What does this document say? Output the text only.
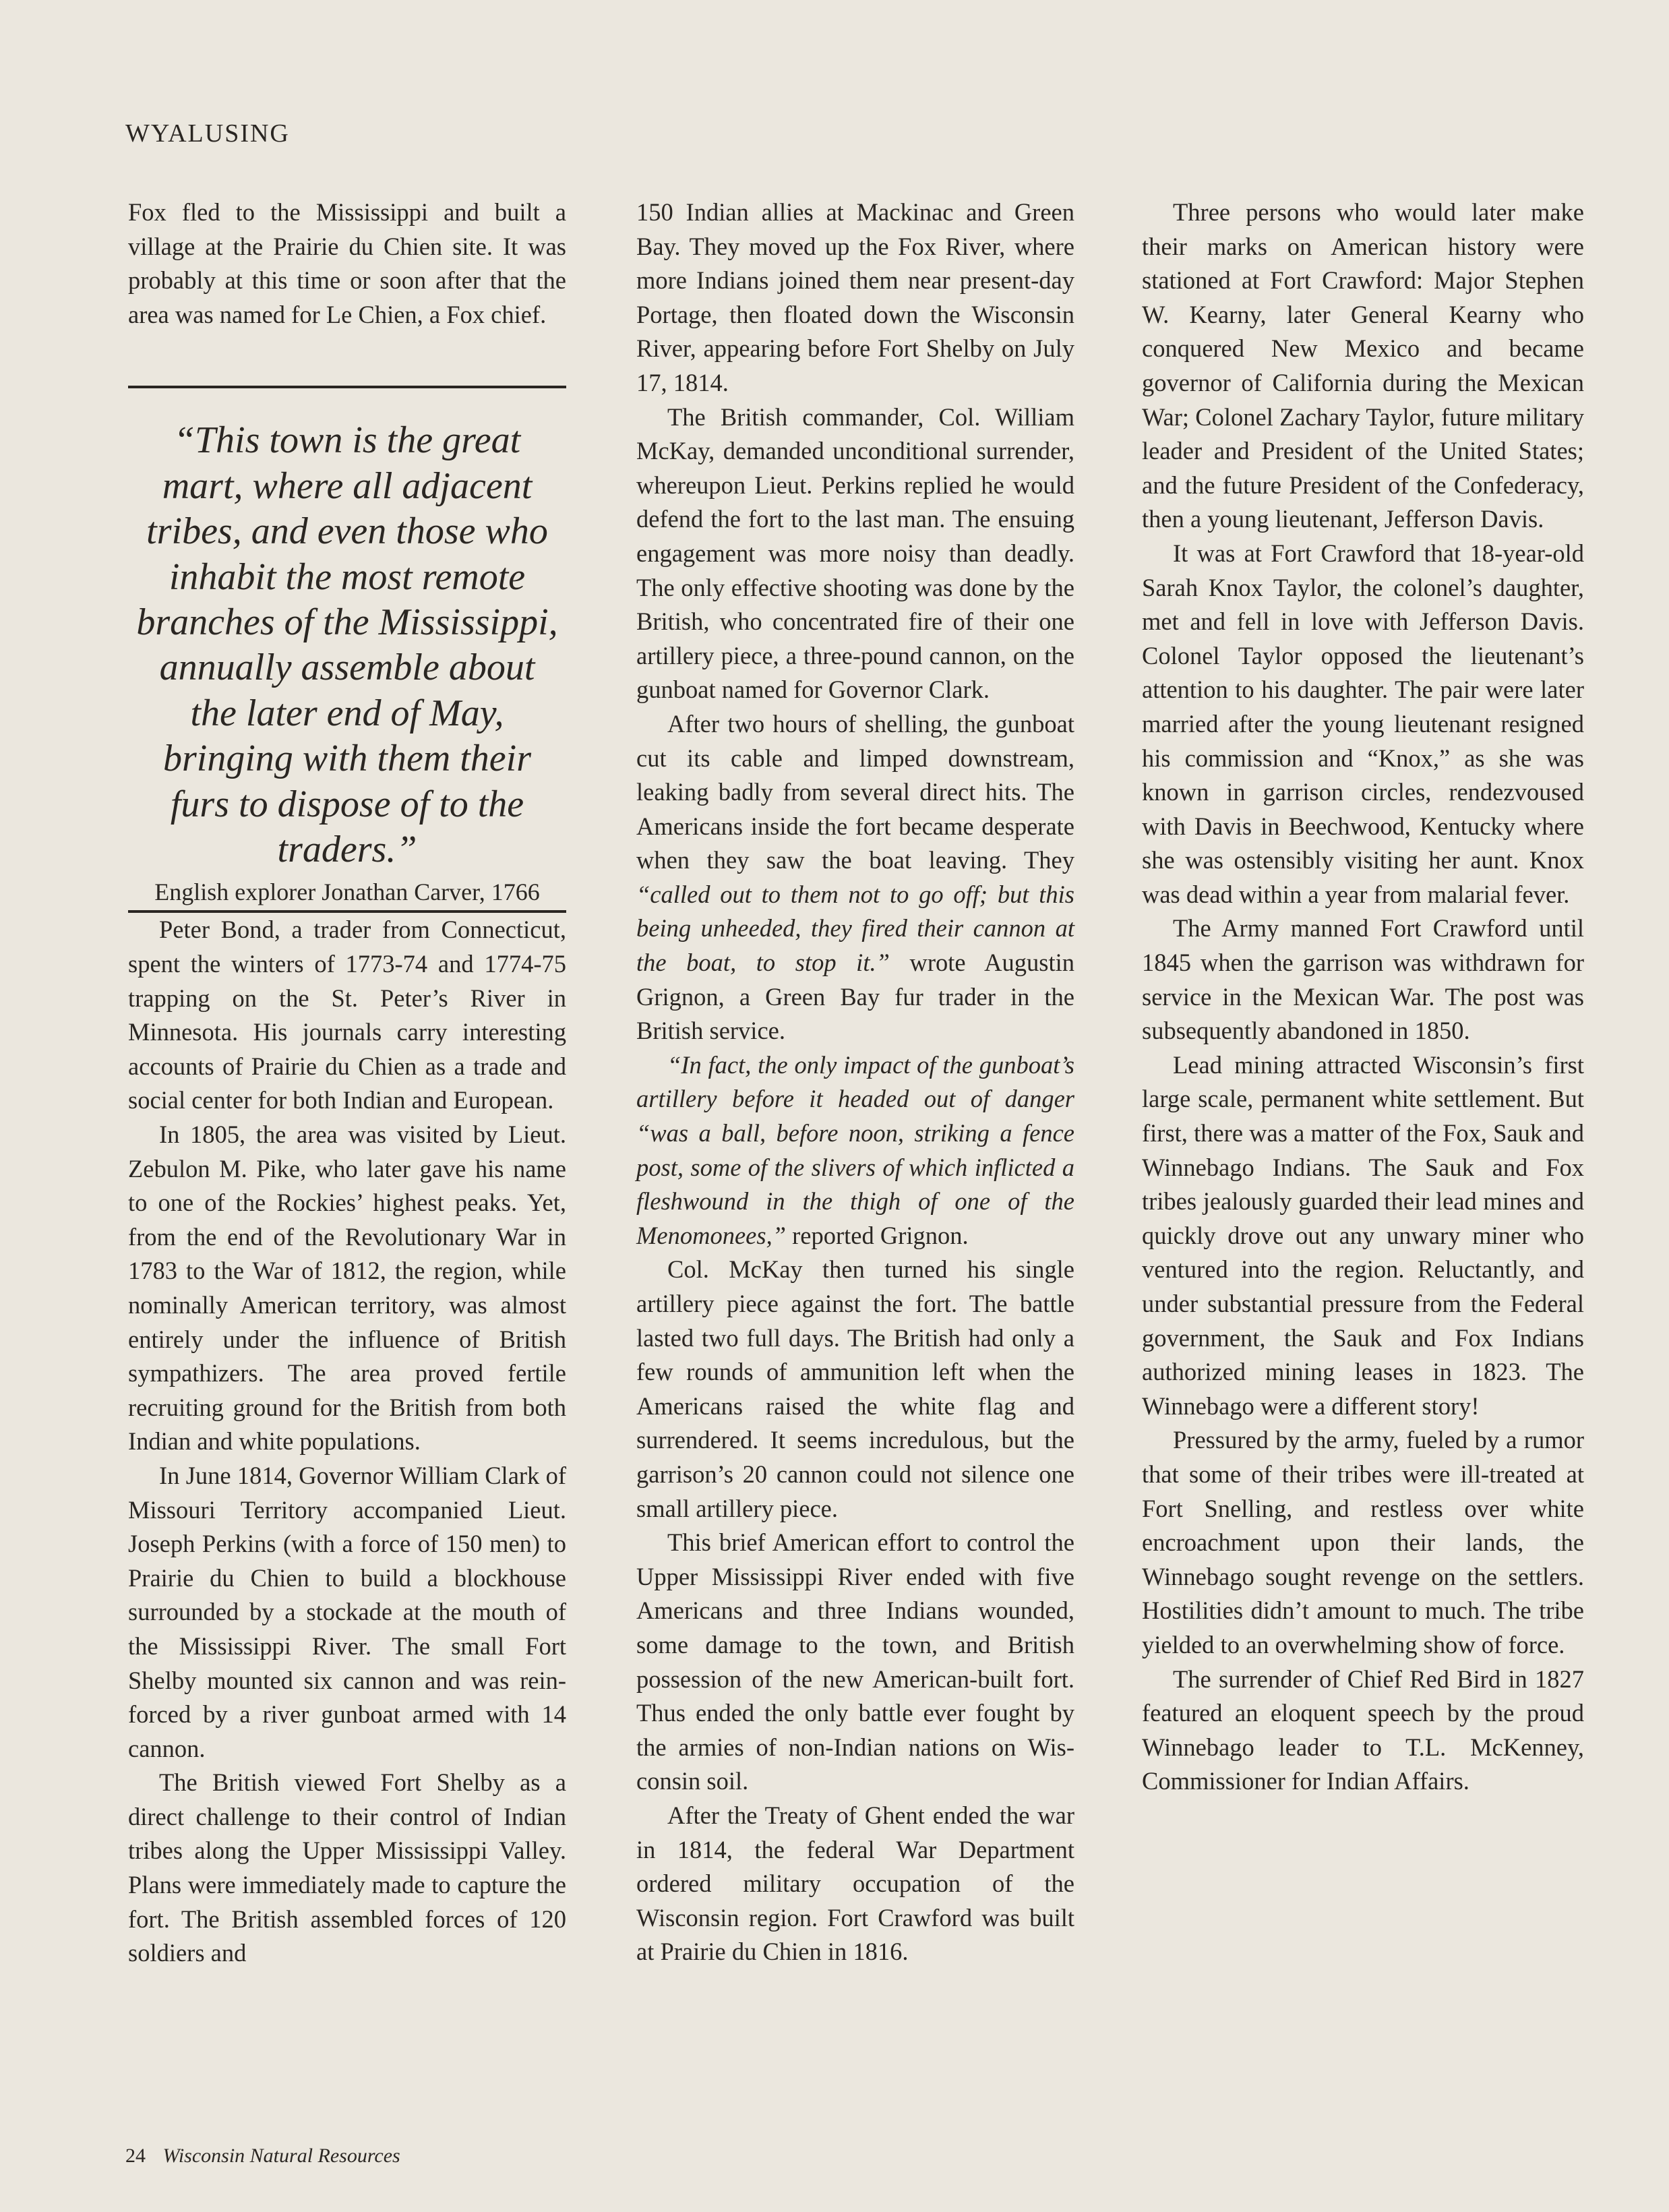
WYALUSING

Fox fled to the Mississippi and built a village at the Prairie du Chien site. It was probably at this time or soon after that the area was named for Le Chien, a Fox chief.

“This town is the great mart, where all adjacent tribes, and even those who inhabit the most remote branches of the Mississippi, annually assemble about the later end of May, bringing with them their furs to dispose of to the traders.”
English explorer Jonathan Carver, 1766

Peter Bond, a trader from Connecticut, spent the winters of 1773-74 and 1774-75 trapping on the St. Peter’s River in Minnesota. His journals carry interesting accounts of Prairie du Chien as a trade and social center for both Indian and European.

In 1805, the area was visited by Lieut. Zebulon M. Pike, who later gave his name to one of the Rockies’ highest peaks. Yet, from the end of the Revolutionary War in 1783 to the War of 1812, the region, while nominally American territory, was almost entirely under the influence of British sympathizers. The area proved fertile recruiting ground for the British from both Indian and white populations.

In June 1814, Governor William Clark of Missouri Territory accompanied Lieut. Joseph Perkins (with a force of 150 men) to Prairie du Chien to build a blockhouse surrounded by a stockade at the mouth of the Mississippi River. The small Fort Shelby mounted six cannon and was reinforced by a river gunboat armed with 14 cannon.

The British viewed Fort Shelby as a direct challenge to their control of Indian tribes along the Upper Mississippi Valley. Plans were immediately made to capture the fort. The British assembled forces of 120 soldiers and

150 Indian allies at Mackinac and Green Bay. They moved up the Fox River, where more Indians joined them near present-day Portage, then floated down the Wisconsin River, appearing before Fort Shelby on July 17, 1814.

The British commander, Col. William McKay, demanded unconditional surrender, whereupon Lieut. Perkins replied he would defend the fort to the last man. The ensuing engagement was more noisy than deadly. The only effective shooting was done by the British, who concentrated fire of their one artillery piece, a three-pound cannon, on the gunboat named for Governor Clark.

After two hours of shelling, the gunboat cut its cable and limped downstream, leaking badly from several direct hits. The Americans inside the fort became desperate when they saw the boat leaving. They “called out to them not to go off; but this being unheeded, they fired their cannon at the boat, to stop it.” wrote Augustin Grignon, a Green Bay fur trader in the British service.

“In fact, the only impact of the gunboat’s artillery before it headed out of danger “was a ball, before noon, striking a fence post, some of the slivers of which inflicted a fleshwound in the thigh of one of the Menomonees,” reported Grignon.

Col. McKay then turned his single artillery piece against the fort. The battle lasted two full days. The British had only a few rounds of ammunition left when the Americans raised the white flag and surrendered. It seems incredulous, but the garrison’s 20 cannon could not silence one small artillery piece.

This brief American effort to control the Upper Mississippi River ended with five Americans and three Indians wounded, some damage to the town, and British possession of the new American-built fort. Thus ended the only battle ever fought by the armies of non-Indian nations on Wisconsin soil.

After the Treaty of Ghent ended the war in 1814, the federal War Department ordered military occupation of the Wisconsin region. Fort Crawford was built at Prairie du Chien in 1816.

Three persons who would later make their marks on American history were stationed at Fort Crawford: Major Stephen W. Kearny, later General Kearny who conquered New Mexico and became governor of California during the Mexican War; Colonel Zachary Taylor, future military leader and President of the United States; and the future President of the Confederacy, then a young lieutenant, Jefferson Davis.

It was at Fort Crawford that 18-year-old Sarah Knox Taylor, the colonel’s daughter, met and fell in love with Jefferson Davis. Colonel Taylor opposed the lieutenant’s attention to his daughter. The pair were later married after the young lieutenant resigned his commission and “Knox,” as she was known in garrison circles, rendezvoused with Davis in Beechwood, Kentucky where she was ostensibly visiting her aunt. Knox was dead within a year from malarial fever.

The Army manned Fort Crawford until 1845 when the garrison was withdrawn for service in the Mexican War. The post was subsequently abandoned in 1850.

Lead mining attracted Wisconsin’s first large scale, permanent white settlement. But first, there was a matter of the Fox, Sauk and Winnebago Indians. The Sauk and Fox tribes jealously guarded their lead mines and quickly drove out any unwary miner who ventured into the region. Reluctantly, and under substantial pressure from the Federal government, the Sauk and Fox Indians authorized mining leases in 1823. The Winnebago were a different story!

Pressured by the army, fueled by a rumor that some of their tribes were ill-treated at Fort Snelling, and restless over white encroachment upon their lands, the Winnebago sought revenge on the settlers. Hostilities didn’t amount to much. The tribe yielded to an overwhelming show of force.

The surrender of Chief Red Bird in 1827 featured an eloquent speech by the proud Winnebago leader to T.L. McKenney, Commissioner for Indian Affairs.

24 Wisconsin Natural Resources
